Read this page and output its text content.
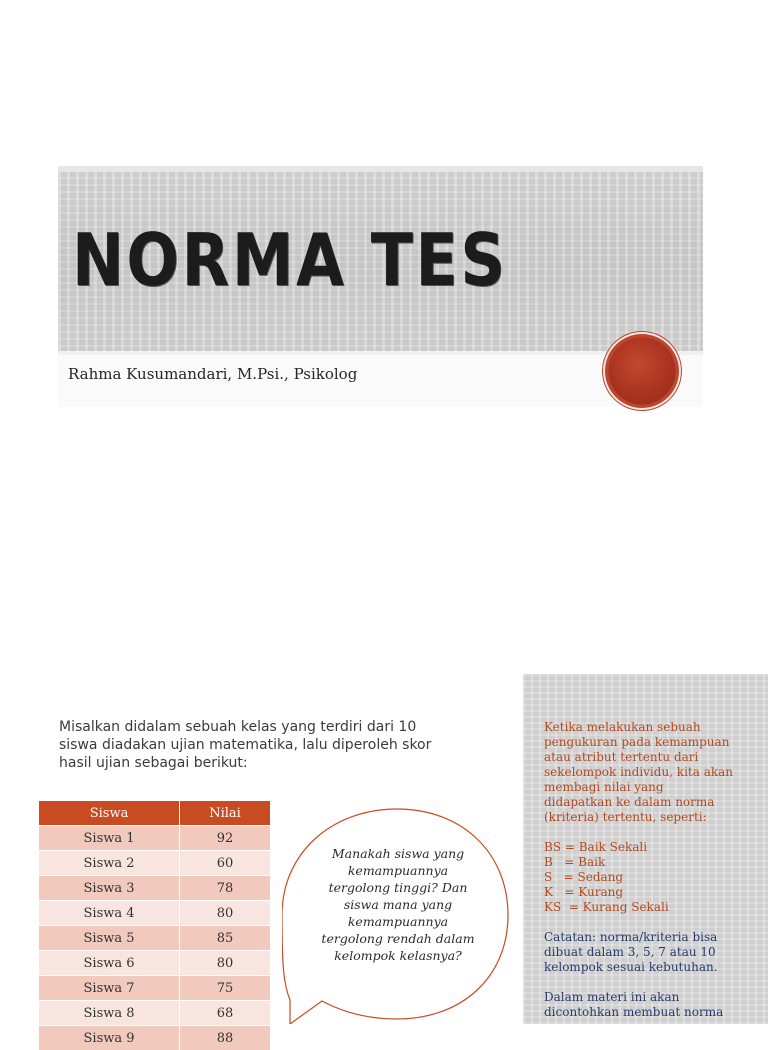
NORMA TES
Rahma Kusumandari, M.Psi., Psikolog
Misalkan didalam sebuah kelas yang terdiri dari 10 siswa diadakan ujian matematika, lalu diperoleh skor hasil ujian sebagai berikut:
Siswa	Nilai
Siswa 1	92
Siswa 2	60
Siswa 3	78
Siswa 4	80
Siswa 5	85
Siswa 6	80
Siswa 7	75
Siswa 8	68
Siswa 9	88
Manakah siswa yang kemampuannya tergolong tinggi? Dan siswa mana yang kemampuannya tergolong rendah dalam kelompok kelasnya?

Ketika melakukan sebuah pengukuran pada kemampuan atau atribut tertentu dari sekelompok individu, kita akan membagi nilai yang didapatkan ke dalam norma (kriteria) tertentu, seperti:

BS = Baik Sekali
B   = Baik
S   = Sedang
K   = Kurang
KS  = Kurang Sekali

Catatan: norma/kriteria bisa dibuat dalam 3, 5, 7 atau 10 kelompok sesuai kebutuhan.

Dalam materi ini akan dicontohkan membuat norma
